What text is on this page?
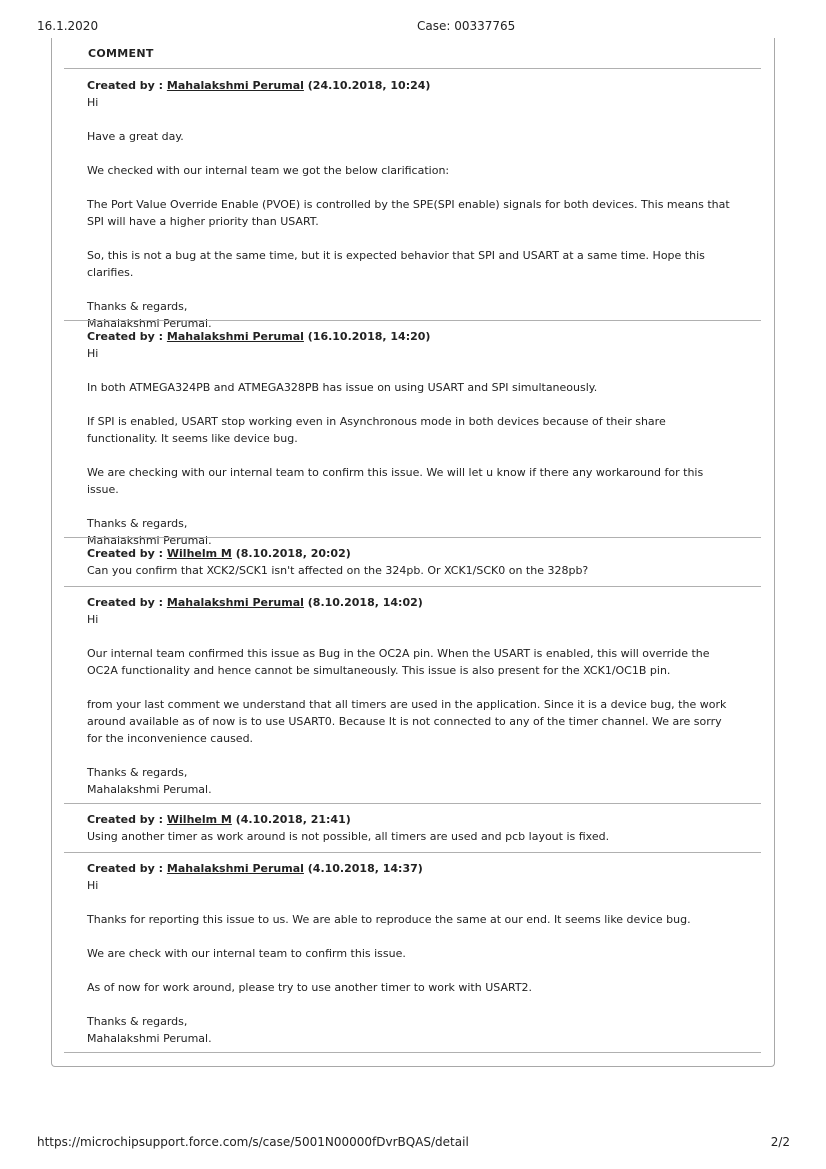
16.1.2020	Case: 00337765
COMMENT
Created by : Mahalakshmi Perumal (24.10.2018, 10:24)

Hi

Have a great day.

We checked with our internal team we got the below clarification:

The Port Value Override Enable (PVOE) is controlled by the SPE(SPI enable) signals for both devices. This means that SPI will have a higher priority than USART.

So, this is not a bug at the same time, but it is expected behavior that SPI and USART at a same time. Hope this clarifies.

Thanks & regards,
Mahalakshmi Perumal.

Created by : Mahalakshmi Perumal (16.10.2018, 14:20)

Hi

In both ATMEGA324PB and ATMEGA328PB has issue on using USART and SPI simultaneously.

If SPI is enabled, USART stop working even in Asynchronous mode in both devices because of their share functionality. It seems like device bug.

We are checking with our internal team to confirm this issue. We will let u know if there any workaround for this issue.

Thanks & regards,
Mahalakshmi Perumal.

Created by : Wilhelm M (8.10.2018, 20:02)

Can you confirm that XCK2/SCK1 isn't affected on the 324pb. Or XCK1/SCK0 on the 328pb?

Created by : Mahalakshmi Perumal (8.10.2018, 14:02)

Hi

Our internal team confirmed this issue as Bug in the OC2A pin. When the USART is enabled, this will override the OC2A functionality and hence cannot be simultaneously. This issue is also present for the XCK1/OC1B pin.

from your last comment we understand that all timers are used in the application. Since it is a device bug, the work around available as of now is to use USART0. Because It is not connected to any of the timer channel. We are sorry for the inconvenience caused.

Thanks & regards,
Mahalakshmi Perumal.

Created by : Wilhelm M (4.10.2018, 21:41)

Using another timer as work around is not possible, all timers are used and pcb layout is fixed.

Created by : Mahalakshmi Perumal (4.10.2018, 14:37)

Hi

Thanks for reporting this issue to us. We are able to reproduce the same at our end. It seems like device bug.

We are check with our internal team to confirm this issue.

As of now for work around, please try to use another timer to work with USART2.

Thanks & regards,
Mahalakshmi Perumal.

https://microchipsupport.force.com/s/case/5001N00000fDvrBQAS/detail	2/2
